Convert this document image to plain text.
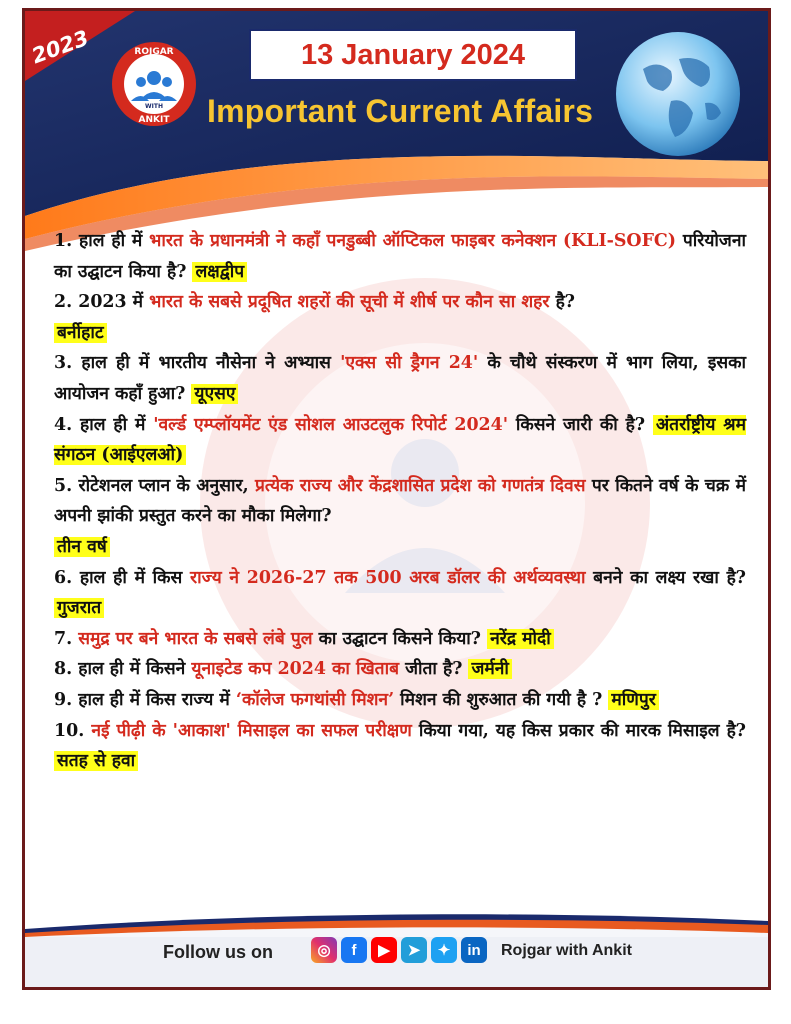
2023	ROJGAR
WITH
ANKIT
13 January 2024
Important Current Affairs

1. हाल ही में भारत के प्रधानमंत्री ने कहाँ पनडुब्बी ऑप्टिकल फाइबर कनेक्शन (KLI-SOFC) परियोजना का उद्घाटन किया है? लक्षद्वीप

2. 2023 में भारत के सबसे प्रदूषित शहरों की सूची में शीर्ष पर कौन सा शहर है?
बर्नीहाट

3. हाल ही में भारतीय नौसेना ने अभ्यास 'एक्स सी ड्रैगन 24' के चौथे संस्करण में भाग लिया, इसका आयोजन कहाँ हुआ? यूएसए

4. हाल ही में 'वर्ल्ड एम्प्लॉयमेंट एंड सोशल आउटलुक रिपोर्ट 2024' किसने जारी की है? अंतर्राष्ट्रीय श्रम संगठन (आईएलओ)

5. रोटेशनल प्लान के अनुसार, प्रत्येक राज्य और केंद्रशासित प्रदेश को गणतंत्र दिवस पर कितने वर्ष के चक्र में अपनी झांकी प्रस्तुत करने का मौका मिलेगा?
तीन वर्ष

6. हाल ही में किस राज्य ने 2026-27 तक 500 अरब डॉलर की अर्थव्यवस्था बनने का लक्ष्य रखा है? गुजरात

7. समुद्र पर बने भारत के सबसे लंबे पुल का उद्घाटन किसने किया? नरेंद्र मोदी

8. हाल ही में किसने यूनाइटेड कप 2024 का खिताब जीता है? जर्मनी

9. हाल ही में किस राज्य में ‘कॉलेज फगथांसी मिशन’ मिशन की शुरुआत की गयी है ? मणिपुर

10. नई पीढ़ी के 'आकाश' मिसाइल का सफल परीक्षण किया गया, यह किस प्रकार की मारक मिसाइल है? सतह से हवा

Follow us on	◎	f	▶	➤	✦	in	Rojgar with Ankit
